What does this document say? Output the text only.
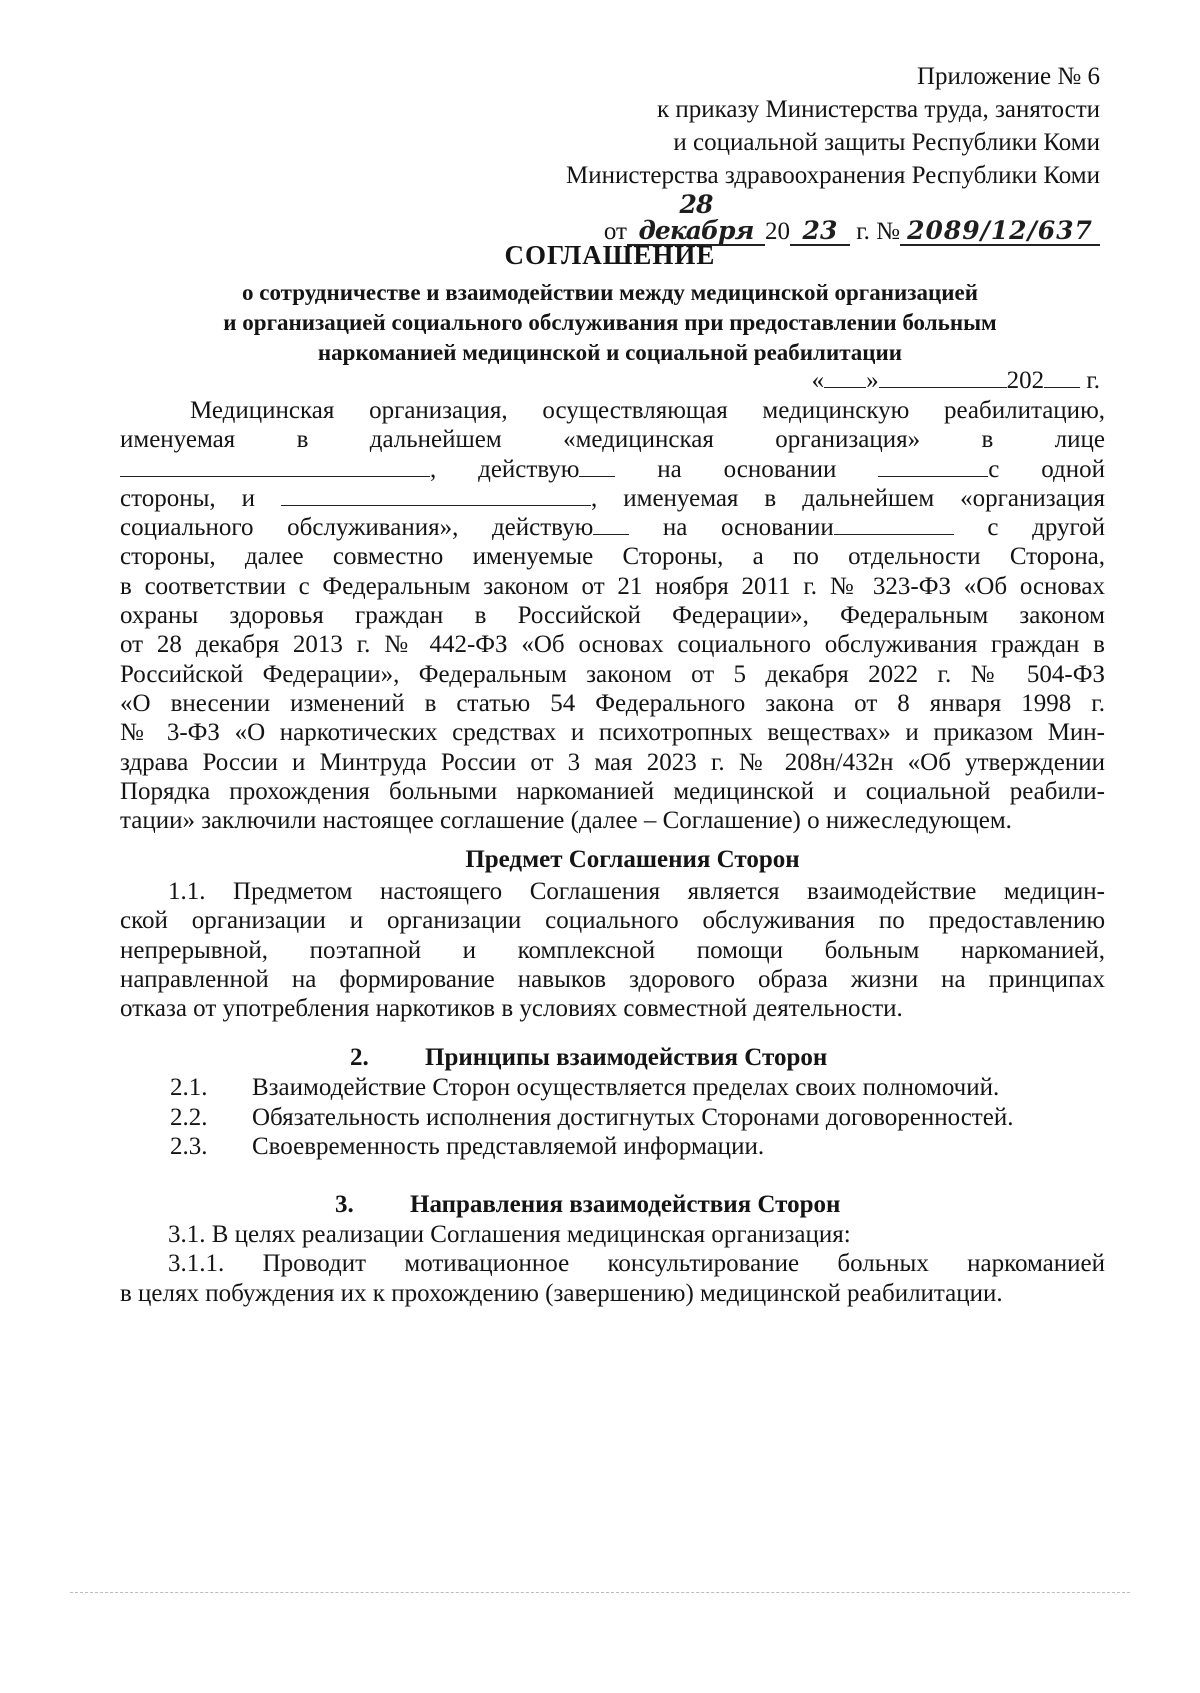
Приложение № 6
к приказу Министерства труда, занятости
и социальной защиты Республики Коми
Министерства здравоохранения Республики Коми
от28 декабря 20 23 г. № 2089/12/637
СОГЛАШЕНИЕ
о сотрудничестве и взаимодействии между медицинской организацией
и организацией социального обслуживания при предоставлении больным
наркоманией медицинской и социальной реабилитации
« »	202 г.
Медицинская организация, осуществляющая медицинскую реабилитацию,
именуемая в дальнейшем «медицинская организация» в лице
, действую на основании	с одной
стороны, и	, именуемая в дальнейшем «организация
социального обслуживания», действую на основании	с другой
стороны, далее совместно именуемые Стороны, а по отдельности Сторона,
в соответствии с Федеральным законом от 21 ноября 2011 г. № 323-ФЗ «Об основах
охраны здоровья граждан в Российской Федерации», Федеральным законом
от 28 декабря 2013 г. № 442-ФЗ «Об основах социального обслуживания граждан в
Российской Федерации», Федеральным законом от 5 декабря 2022 г. № 504-ФЗ
«О внесении изменений в статью 54 Федерального закона от 8 января 1998 г.
№ 3-ФЗ «О наркотических средствах и психотропных веществах» и приказом Мин-
здрава России и Минтруда России от 3 мая 2023 г. № 208н/432н «Об утверждении
Порядка прохождения больными наркоманией медицинской и социальной реабили-
тации» заключили настоящее соглашение (далее – Соглашение) о нижеследующем.
Предмет Соглашения Сторон
1.1. Предметом настоящего Соглашения является взаимодействие медицин-
ской организации и организации социального обслуживания по предоставлению
непрерывной, поэтапной и комплексной помощи больным наркоманией,
направленной на формирование навыков здорового образа жизни на принципах
отказа от употребления наркотиков в условиях совместной деятельности.
2. Принципы взаимодействия Сторон
2.1. Взаимодействие Сторон осуществляется пределах своих полномочий.
2.2. Обязательность исполнения достигнутых Сторонами договоренностей.
2.3. Своевременность представляемой информации.
3. Направления взаимодействия Сторон
3.1. В целях реализации Соглашения медицинская организация:
3.1.1. Проводит мотивационное консультирование больных наркоманией
в целях побуждения их к прохождению (завершению) медицинской реабилитации.
